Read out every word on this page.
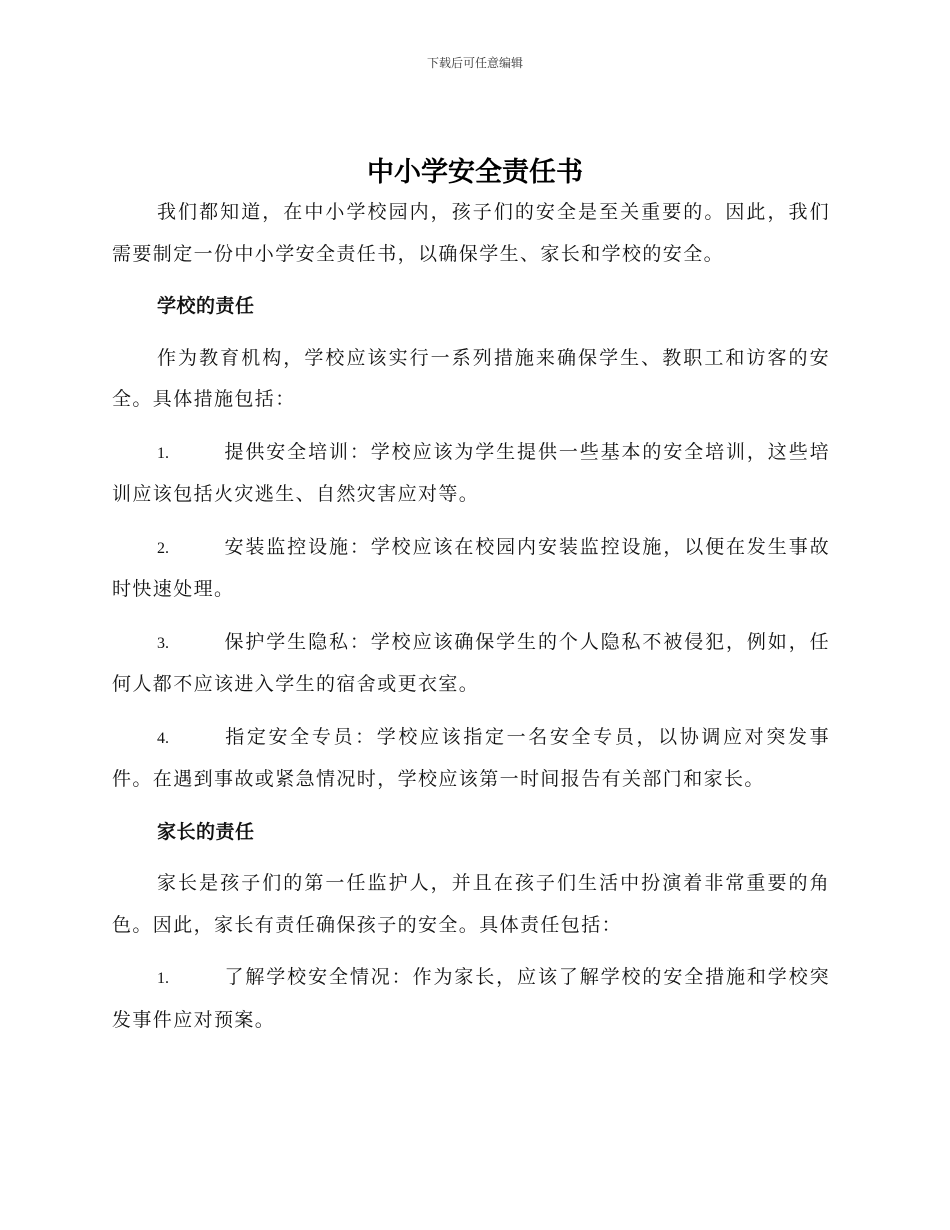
下载后可任意编辑
中小学安全责任书

我们都知道，在中小学校园内，孩子们的安全是至关重要的。因此，我们需要制定一份中小学安全责任书，以确保学生、家长和学校的安全。

学校的责任

作为教育机构，学校应该实行一系列措施来确保学生、教职工和访客的安全。具体措施包括：

1.	提供安全培训：学校应该为学生提供一些基本的安全培训，这些培训应该包括火灾逃生、自然灾害应对等。

2.	安装监控设施：学校应该在校园内安装监控设施，以便在发生事故时快速处理。

3.	保护学生隐私：学校应该确保学生的个人隐私不被侵犯，例如，任何人都不应该进入学生的宿舍或更衣室。

4.	指定安全专员：学校应该指定一名安全专员，以协调应对突发事件。在遇到事故或紧急情况时，学校应该第一时间报告有关部门和家长。

家长的责任

家长是孩子们的第一任监护人，并且在孩子们生活中扮演着非常重要的角色。因此，家长有责任确保孩子的安全。具体责任包括：

1.	了解学校安全情况：作为家长，应该了解学校的安全措施和学校突发事件应对预案。
